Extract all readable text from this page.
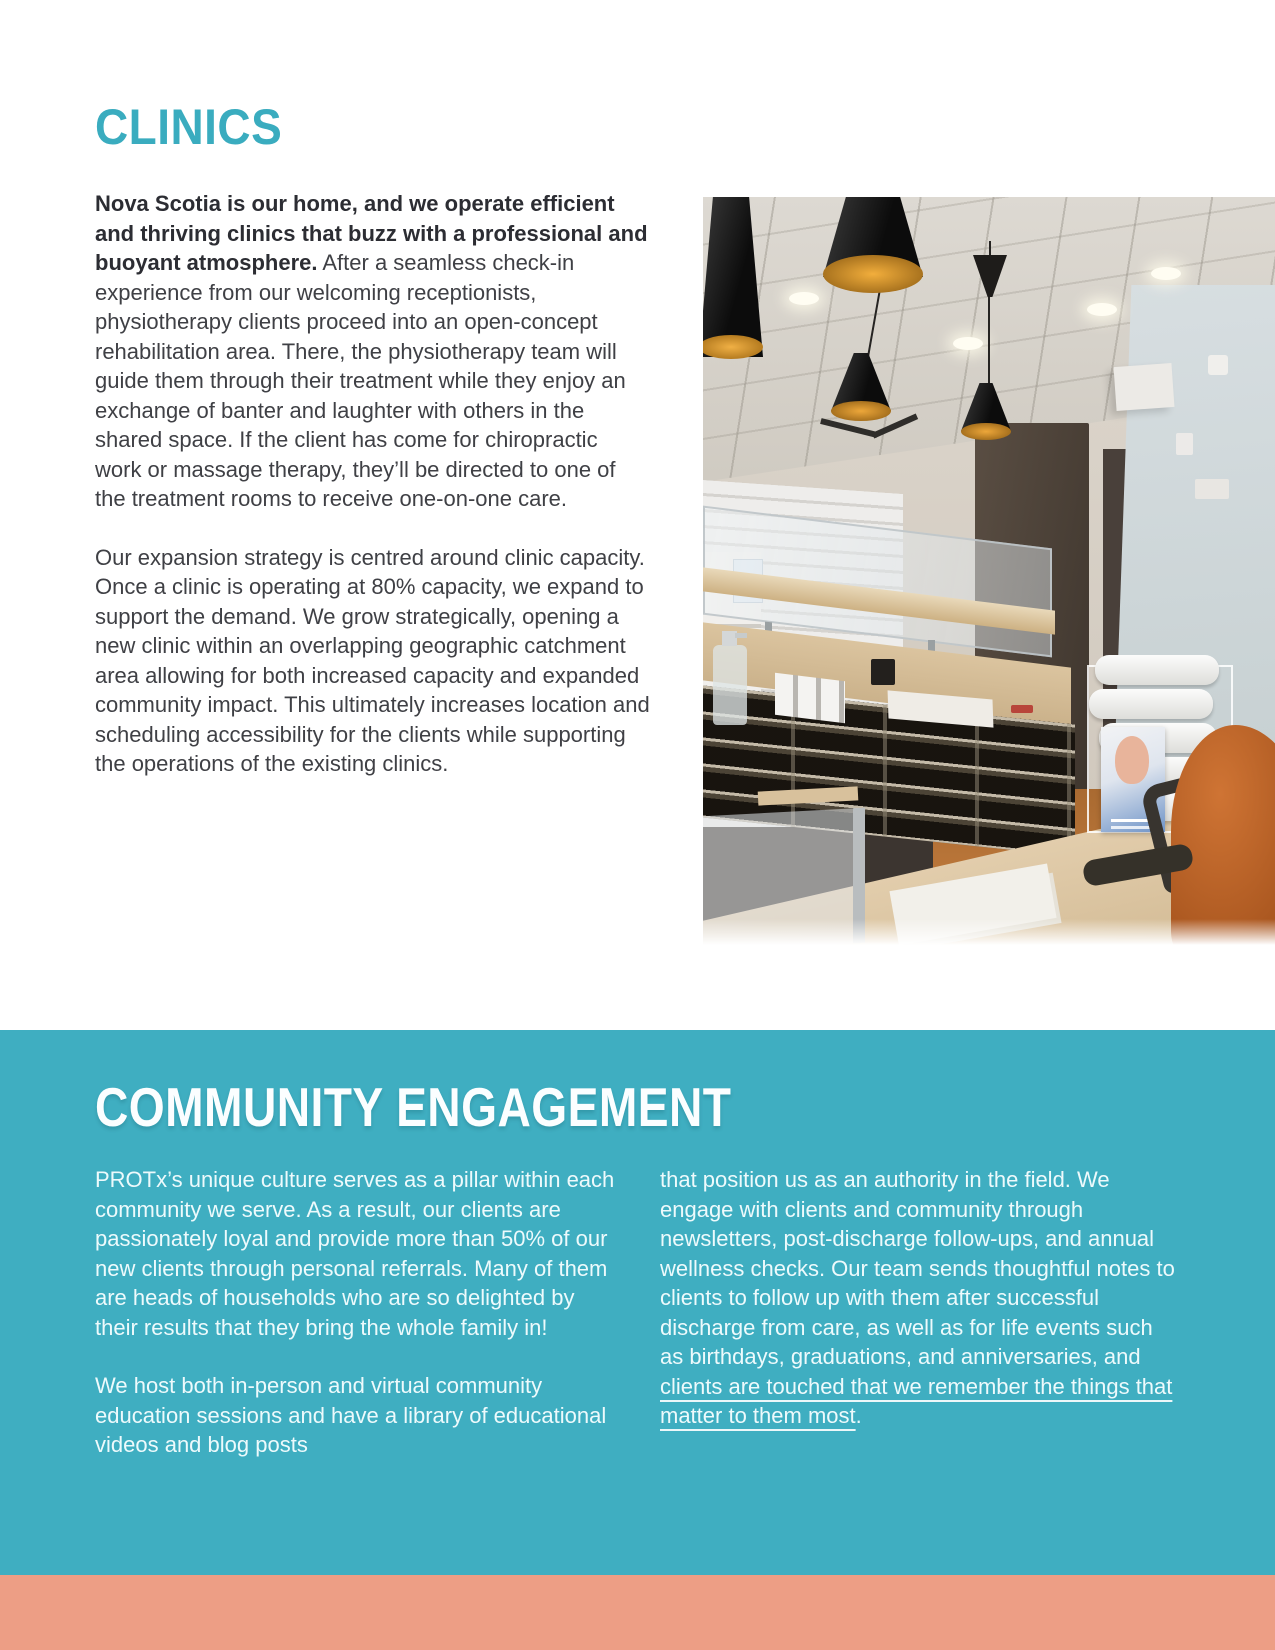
CLINICS

Nova Scotia is our home, and we operate efficient and thriving clinics that buzz with a professional and buoyant atmosphere. After a seamless check-in experience from our welcoming receptionists, physiotherapy clients proceed into an open-concept rehabilitation area. There, the physiotherapy team will guide them through their treatment while they enjoy an exchange of banter and laughter with others in the shared space. If the client has come for chiropractic work or massage therapy, they’ll be directed to one of the treatment rooms to receive one-on-one care.

Our expansion strategy is centred around clinic capacity. Once a clinic is operating at 80% capacity, we expand to support the demand. We grow strategically, opening a new clinic within an overlapping geographic catchment area allowing for both increased capacity and expanded community impact. This ultimately increases location and scheduling accessibility for the clients while supporting the operations of the existing clinics.

COMMUNITY ENGAGEMENT

PROTx’s unique culture serves as a pillar within each community we serve. As a result, our clients are passionately loyal and provide more than 50% of our new clients through personal referrals. Many of them are heads of households who are so delighted by their results that they bring the whole family in!

We host both in-person and virtual community education sessions and have a library of educational videos and blog posts

that position us as an authority in the field. We engage with clients and community through newsletters, post-discharge follow-ups, and annual wellness checks. Our team sends thoughtful notes to clients to follow up with them after successful discharge from care, as well as for life events such as birthdays, graduations, and anniversaries, and clients are touched that we remember the things that matter to them most.
